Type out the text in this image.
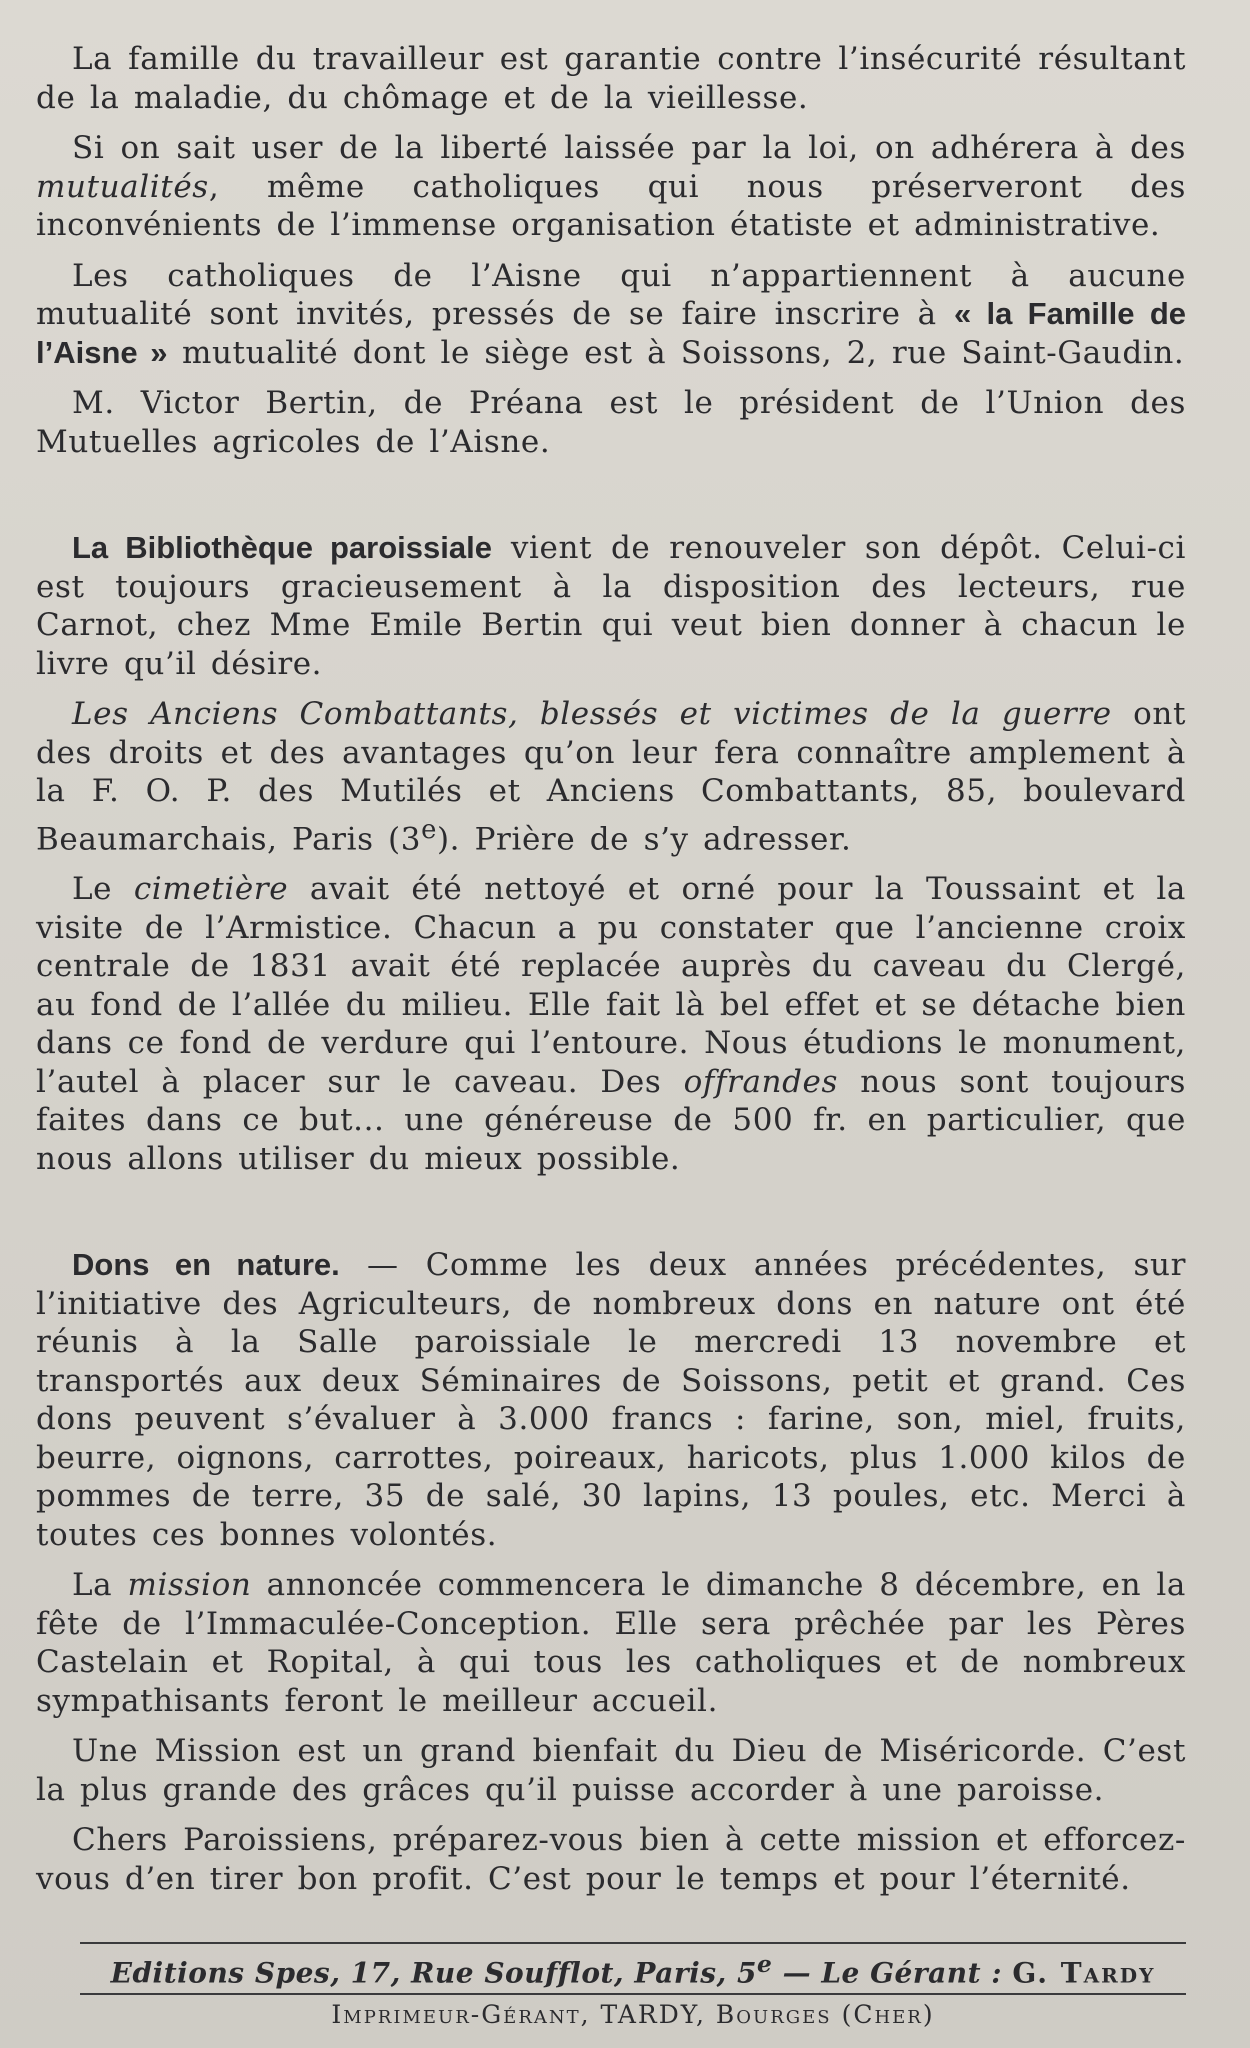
La famille du travailleur est garantie contre l’insécurité résultant de la maladie, du chômage et de la vieillesse.

Si on sait user de la liberté laissée par la loi, on adhérera à des mutualités, même catholiques qui nous préserveront des inconvénients de l’immense organisation étatiste et administrative.

Les catholiques de l’Aisne qui n’appartiennent à aucune mutualité sont invités, pressés de se faire inscrire à « la Famille de l’Aisne » mutualité dont le siège est à Soissons, 2, rue Saint-Gaudin.

M. Victor Bertin, de Préana est le président de l’Union des Mutuelles agricoles de l’Aisne.

La Bibliothèque paroissiale vient de renouveler son dépôt. Celui-ci est toujours gracieusement à la disposition des lecteurs, rue Carnot, chez Mme Emile Bertin qui veut bien donner à chacun le livre qu’il désire.

Les Anciens Combattants, blessés et victimes de la guerre ont des droits et des avantages qu’on leur fera connaître amplement à la F. O. P. des Mutilés et Anciens Combattants, 85, boulevard Beaumarchais, Paris (3e). Prière de s’y adresser.

Le cimetière avait été nettoyé et orné pour la Toussaint et la visite de l’Armistice. Chacun a pu constater que l’ancienne croix centrale de 1831 avait été replacée auprès du caveau du Clergé, au fond de l’allée du milieu. Elle fait là bel effet et se détache bien dans ce fond de verdure qui l’entoure. Nous étudions le monument, l’autel à placer sur le caveau. Des offrandes nous sont toujours faites dans ce but... une généreuse de 500 fr. en particulier, que nous allons utiliser du mieux possible.

Dons en nature. — Comme les deux années précédentes, sur l’initiative des Agriculteurs, de nombreux dons en nature ont été réunis à la Salle paroissiale le mercredi 13 novembre et transportés aux deux Séminaires de Soissons, petit et grand. Ces dons peuvent s’évaluer à 3.000 francs : farine, son, miel, fruits, beurre, oignons, carrottes, poireaux, haricots, plus 1.000 kilos de pommes de terre, 35 de salé, 30 lapins, 13 poules, etc. Merci à toutes ces bonnes volontés.

La mission annoncée commencera le dimanche 8 décembre, en la fête de l’Immaculée-Conception. Elle sera prêchée par les Pères Castelain et Ropital, à qui tous les catholiques et de nombreux sympathisants feront le meilleur accueil.

Une Mission est un grand bienfait du Dieu de Miséricorde. C’est la plus grande des grâces qu’il puisse accorder à une paroisse.

Chers Paroissiens, préparez-vous bien à cette mission et efforcez-vous d’en tirer bon profit. C’est pour le temps et pour l’éternité.

Editions Spes, 17, Rue Soufflot, Paris, 5e — Le Gérant : G. Tardy
Imprimeur-Gérant, TARDY, Bourges (Cher)
